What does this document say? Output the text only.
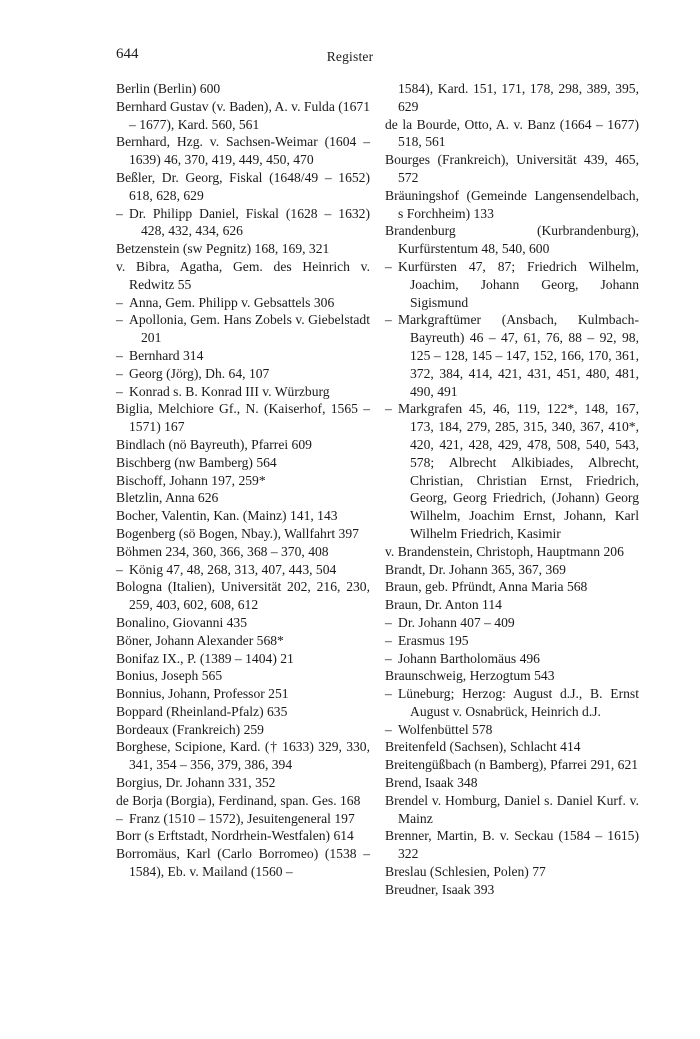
644	Register
Berlin (Berlin) 600
Bernhard Gustav (v. Baden), A. v. Fulda (1671 – 1677), Kard. 560, 561
Bernhard, Hzg. v. Sachsen-Weimar (1604 – 1639) 46, 370, 419, 449, 450, 470
Beßler, Dr. Georg, Fiskal (1648/49 – 1652) 618, 628, 629
– Dr. Philipp Daniel, Fiskal (1628 – 1632) 428, 432, 434, 626
Betzenstein (sw Pegnitz) 168, 169, 321
v. Bibra, Agatha, Gem. des Heinrich v. Redwitz 55
– Anna, Gem. Philipp v. Gebsattels 306
– Apollonia, Gem. Hans Zobels v. Giebelstadt 201
– Bernhard 314
– Georg (Jörg), Dh. 64, 107
– Konrad s. B. Konrad III v. Würzburg
Biglia, Melchiore Gf., N. (Kaiserhof, 1565 – 1571) 167
Bindlach (nö Bayreuth), Pfarrei 609
Bischberg (nw Bamberg) 564
Bischoff, Johann 197, 259*
Bletzlin, Anna 626
Bocher, Valentin, Kan. (Mainz) 141, 143
Bogenberg (sö Bogen, Nbay.), Wallfahrt 397
Böhmen 234, 360, 366, 368 – 370, 408
– König 47, 48, 268, 313, 407, 443, 504
Bologna (Italien), Universität 202, 216, 230, 259, 403, 602, 608, 612
Bonalino, Giovanni 435
Böner, Johann Alexander 568*
Bonifaz IX., P. (1389 – 1404) 21
Bonius, Joseph 565
Bonnius, Johann, Professor 251
Boppard (Rheinland-Pfalz) 635
Bordeaux (Frankreich) 259
Borghese, Scipione, Kard. († 1633) 329, 330, 341, 354 – 356, 379, 386, 394
Borgius, Dr. Johann 331, 352
de Borja (Borgia), Ferdinand, span. Ges. 168
– Franz (1510 – 1572), Jesuitengeneral 197
Borr (s Erftstadt, Nordrhein-Westfalen) 614
Borromäus, Karl (Carlo Borromeo) (1538 – 1584), Eb. v. Mailand (1560 –
1584), Kard. 151, 171, 178, 298, 389, 395, 629
de la Bourde, Otto, A. v. Banz (1664 – 1677) 518, 561
Bourges (Frankreich), Universität 439, 465, 572
Bräuningshof (Gemeinde Langensendelbach, s Forchheim) 133
Brandenburg (Kurbrandenburg), Kurfürstentum 48, 540, 600
– Kurfürsten 47, 87; Friedrich Wilhelm, Joachim, Johann Georg, Johann Sigismund
– Markgraftümer (Ansbach, Kulmbach-Bayreuth) 46 – 47, 61, 76, 88 – 92, 98, 125 – 128, 145 – 147, 152, 166, 170, 361, 372, 384, 414, 421, 431, 451, 480, 481, 490, 491
– Markgrafen 45, 46, 119, 122*, 148, 167, 173, 184, 279, 285, 315, 340, 367, 410*, 420, 421, 428, 429, 478, 508, 540, 543, 578; Albrecht Alkibiades, Albrecht, Christian, Christian Ernst, Friedrich, Georg, Georg Friedrich, (Johann) Georg Wilhelm, Joachim Ernst, Johann, Karl Wilhelm Friedrich, Kasimir
v. Brandenstein, Christoph, Hauptmann 206
Brandt, Dr. Johann 365, 367, 369
Braun, geb. Pfründt, Anna Maria 568
Braun, Dr. Anton 114
– Dr. Johann 407 – 409
– Erasmus 195
– Johann Bartholomäus 496
Braunschweig, Herzogtum 543
– Lüneburg; Herzog: August d.J., B. Ernst August v. Osnabrück, Heinrich d.J.
– Wolfenbüttel 578
Breitenfeld (Sachsen), Schlacht 414
Breitengüßbach (n Bamberg), Pfarrei 291, 621
Brend, Isaak 348
Brendel v. Homburg, Daniel s. Daniel Kurf. v. Mainz
Brenner, Martin, B. v. Seckau (1584 – 1615) 322
Breslau (Schlesien, Polen) 77
Breudner, Isaak 393
